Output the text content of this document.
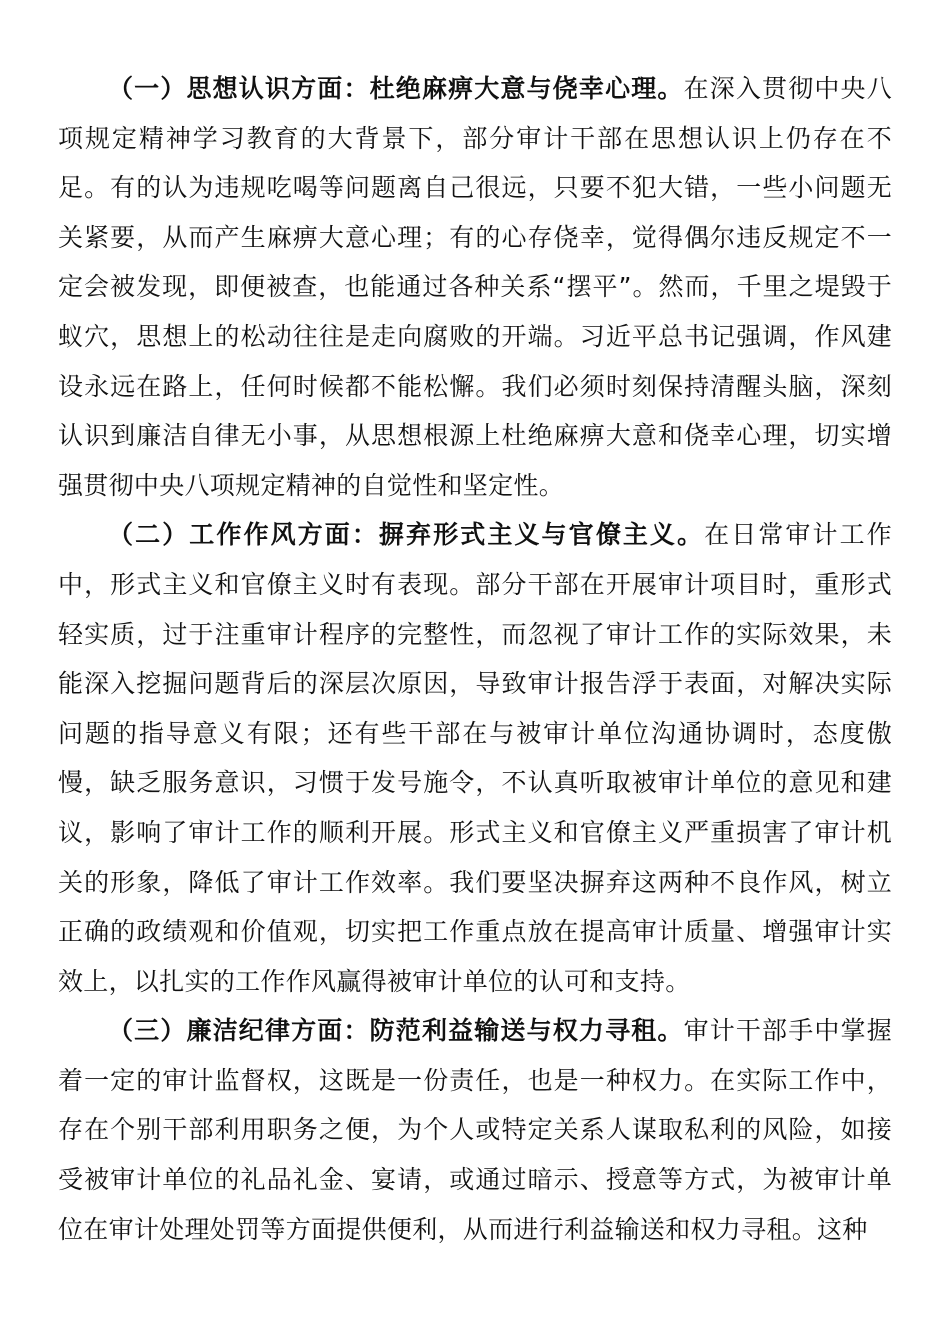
（一）思想认识方面：杜绝麻痹大意与侥幸心理。在深入贯彻中央八项规定精神学习教育的大背景下，部分审计干部在思想认识上仍存在不足。有的认为违规吃喝等问题离自己很远，只要不犯大错，一些小问题无关紧要，从而产生麻痹大意心理；有的心存侥幸，觉得偶尔违反规定不一定会被发现，即便被查，也能通过各种关系“摆平”。然而，千里之堤毁于蚁穴，思想上的松动往往是走向腐败的开端。习近平总书记强调，作风建设永远在路上，任何时候都不能松懈。我们必须时刻保持清醒头脑，深刻认识到廉洁自律无小事，从思想根源上杜绝麻痹大意和侥幸心理，切实增强贯彻中央八项规定精神的自觉性和坚定性。

（二）工作作风方面：摒弃形式主义与官僚主义。在日常审计工作中，形式主义和官僚主义时有表现。部分干部在开展审计项目时，重形式轻实质，过于注重审计程序的完整性，而忽视了审计工作的实际效果，未能深入挖掘问题背后的深层次原因，导致审计报告浮于表面，对解决实际问题的指导意义有限；还有些干部在与被审计单位沟通协调时，态度傲慢，缺乏服务意识，习惯于发号施令，不认真听取被审计单位的意见和建议，影响了审计工作的顺利开展。形式主义和官僚主义严重损害了审计机关的形象，降低了审计工作效率。我们要坚决摒弃这两种不良作风，树立正确的政绩观和价值观，切实把工作重点放在提高审计质量、增强审计实效上，以扎实的工作作风赢得被审计单位的认可和支持。

（三）廉洁纪律方面：防范利益输送与权力寻租。审计干部手中掌握着一定的审计监督权，这既是一份责任，也是一种权力。在实际工作中，存在个别干部利用职务之便，为个人或特定关系人谋取私利的风险，如接受被审计单位的礼品礼金、宴请，或通过暗示、授意等方式，为被审计单位在审计处理处罚等方面提供便利，从而进行利益输送和权力寻租。这种
